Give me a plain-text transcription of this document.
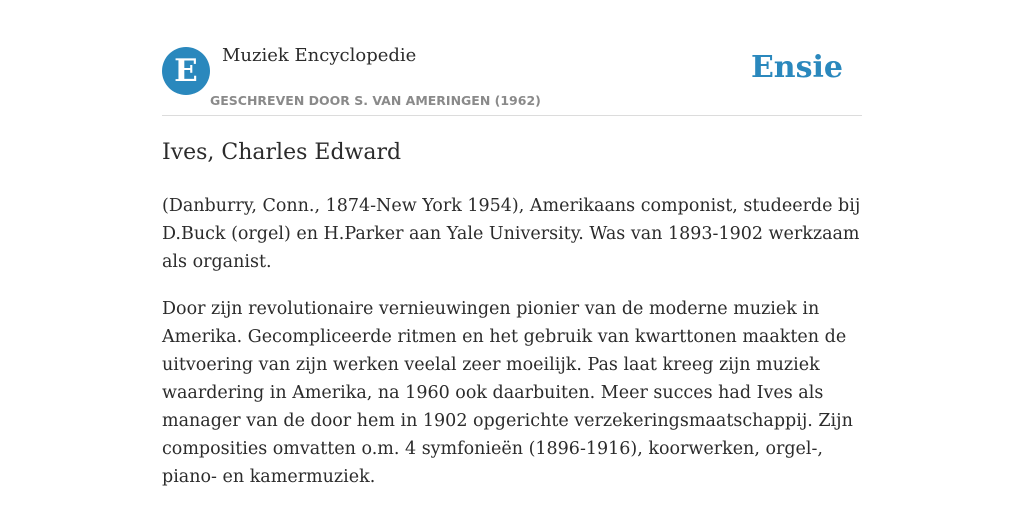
E	Muziek Encyclopedie
GESCHREVEN DOOR S. VAN AMERINGEN (1962)
Ensie
Ives, Charles Edward

(Danburry, Conn., 1874-New York 1954), Amerikaans componist, studeerde bij D.Buck (orgel) en H.Parker aan Yale University. Was van 1893-1902 werkzaam als organist.

Door zijn revolutionaire vernieuwingen pionier van de moderne muziek in Amerika. Gecompliceerde ritmen en het gebruik van kwarttonen maakten de uitvoering van zijn werken veelal zeer moeilijk. Pas laat kreeg zijn muziek waardering in Amerika, na 1960 ook daarbuiten. Meer succes had Ives als manager van de door hem in 1902 opgerichte verzekeringsmaatschappij. Zijn composities omvatten o.m. 4 symfonieën (1896-1916), koorwerken, orgel-, piano- en kamermuziek.
